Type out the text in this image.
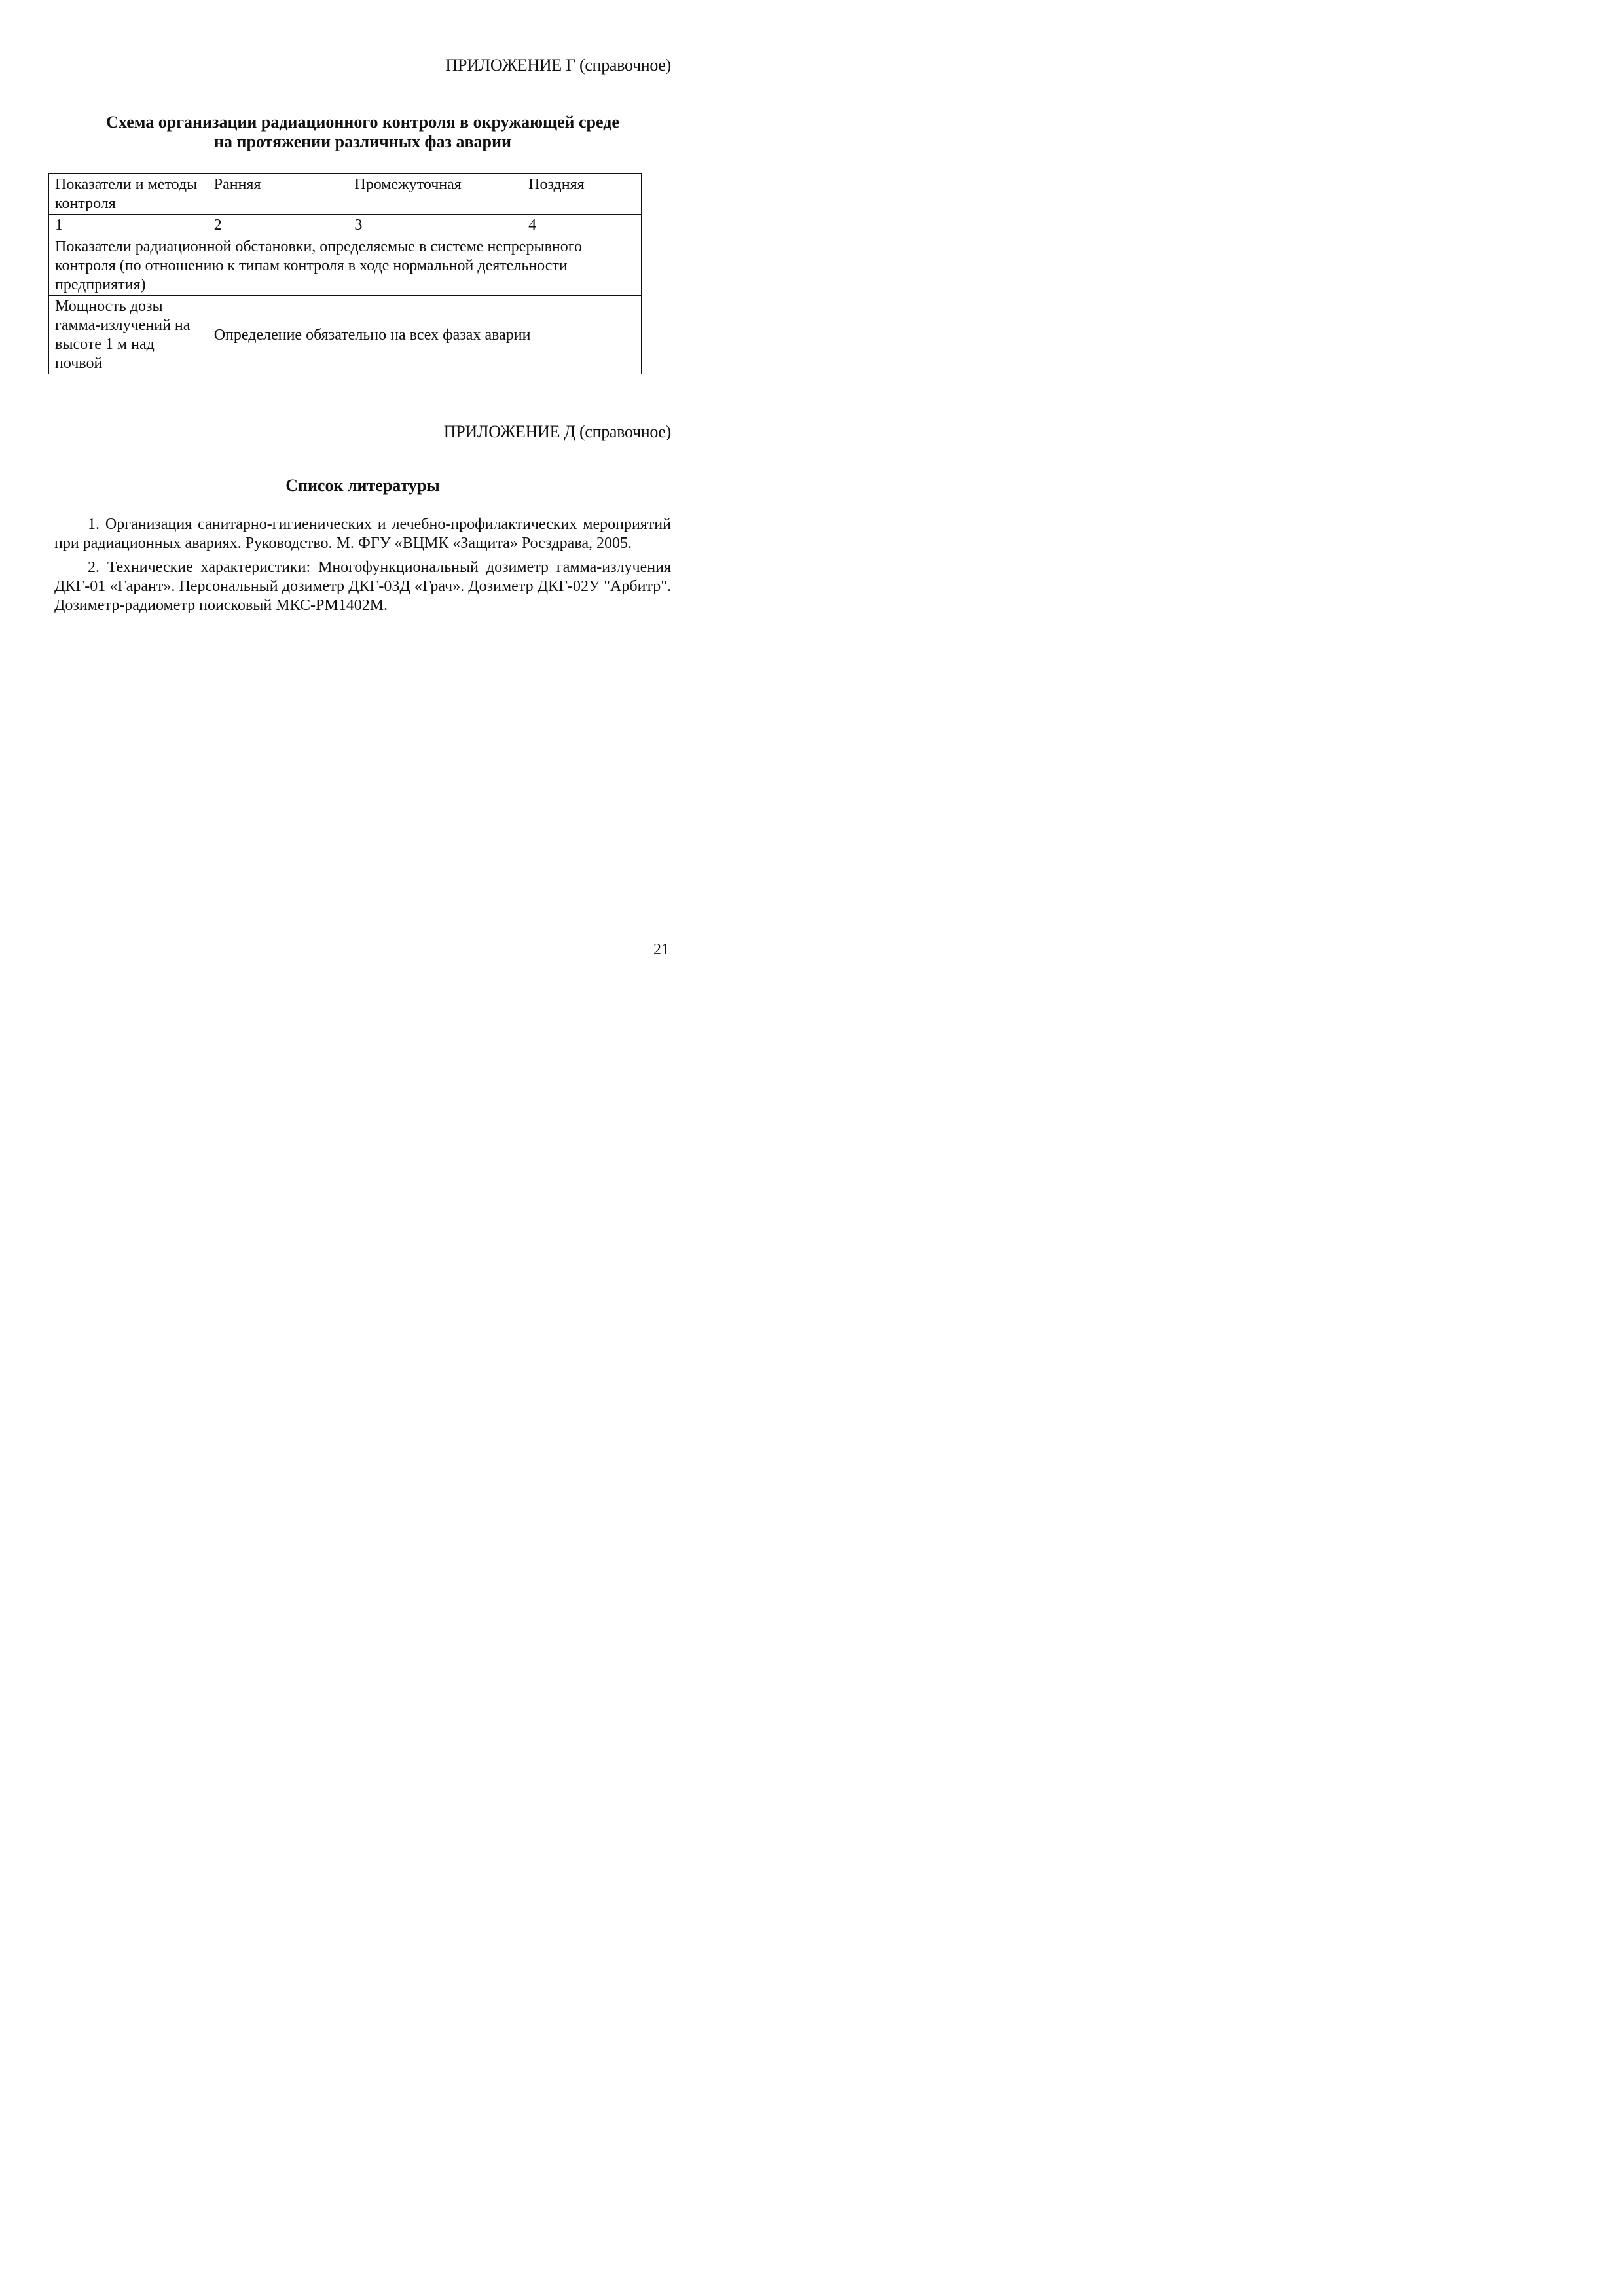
ПРИЛОЖЕНИЕ Г (справочное)
Схема организации радиационного контроля в окружающей среде
на протяжении различных фаз аварии
Показатели и методы контроля	Ранняя	Промежуточная	Поздняя
1	2	3	4
Показатели радиационной обстановки, определяемые в системе непрерывного контроля (по отношению к типам контроля в ходе нормальной деятельности предприятия)			
Мощность дозы гамма-излучений на высоте 1 м над почвой	Определение обязательно на всех фазах аварии		
ПРИЛОЖЕНИЕ Д (справочное)
Список литературы

1. Организация санитарно-гигиенических и лечебно-профилактических мероприятий при радиационных авариях. Руководство. М. ФГУ «ВЦМК «Защита» Росздрава, 2005.

2. Технические характеристики: Многофункциональный дозиметр гамма-излучения ДКГ-01 «Гарант». Персональный дозиметр ДКГ-03Д «Грач». Дозиметр ДКГ-02У "Арбитр". Дозиметр-радиометр поисковый МКС-РМ1402М.

21
